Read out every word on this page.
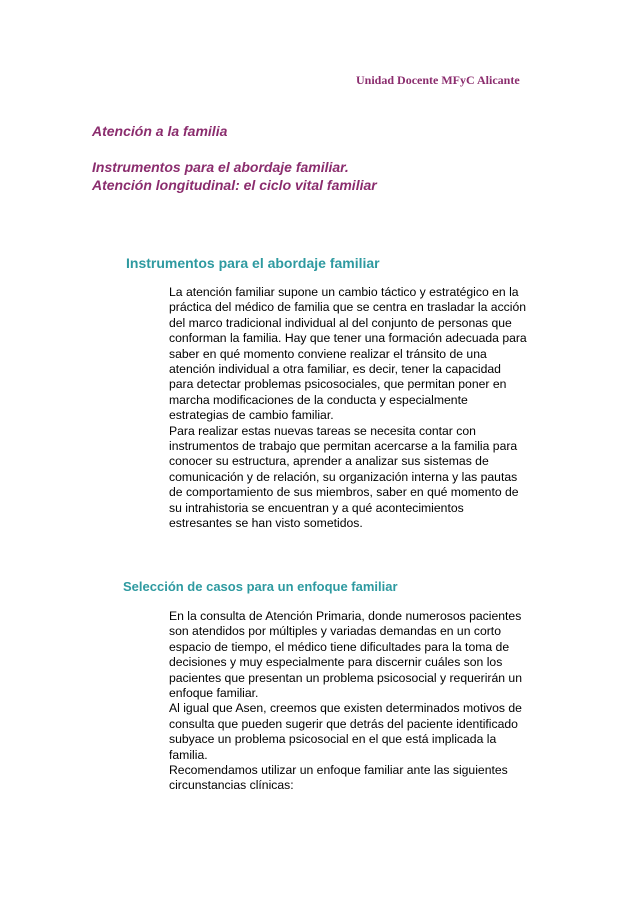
Unidad Docente MFyC Alicante
Atención a la familia
Instrumentos para el abordaje familiar.
Atención longitudinal: el ciclo vital familiar
Instrumentos para el abordaje familiar
La atención familiar supone un cambio táctico y estratégico en la
práctica del médico de familia que se centra en trasladar la acción
del marco tradicional individual al del conjunto de personas que
conforman la familia. Hay que tener una formación adecuada para
saber en qué momento conviene realizar el tránsito de una
atención individual a otra familiar, es decir, tener la capacidad
para detectar problemas psicosociales, que permitan poner en
marcha modificaciones de la conducta y especialmente
estrategias de cambio familiar.
Para realizar estas nuevas tareas se necesita contar con
instrumentos de trabajo que permitan acercarse a la familia para
conocer su estructura, aprender a analizar sus sistemas de
comunicación y de relación, su organización interna y las pautas
de comportamiento de sus miembros, saber en qué momento de
su intrahistoria se encuentran y a qué acontecimientos
estresantes se han visto sometidos.
Selección de casos para un enfoque familiar
En la consulta de Atención Primaria, donde numerosos pacientes
son atendidos por múltiples y variadas demandas en un corto
espacio de tiempo, el médico tiene dificultades para la toma de
decisiones y muy especialmente para discernir cuáles son los
pacientes que presentan un problema psicosocial y requerirán un
enfoque familiar.
Al igual que Asen, creemos que existen determinados motivos de
consulta que pueden sugerir que detrás del paciente identificado
subyace un problema psicosocial en el que está implicada la
familia.
Recomendamos utilizar un enfoque familiar ante las siguientes
circunstancias clínicas:
